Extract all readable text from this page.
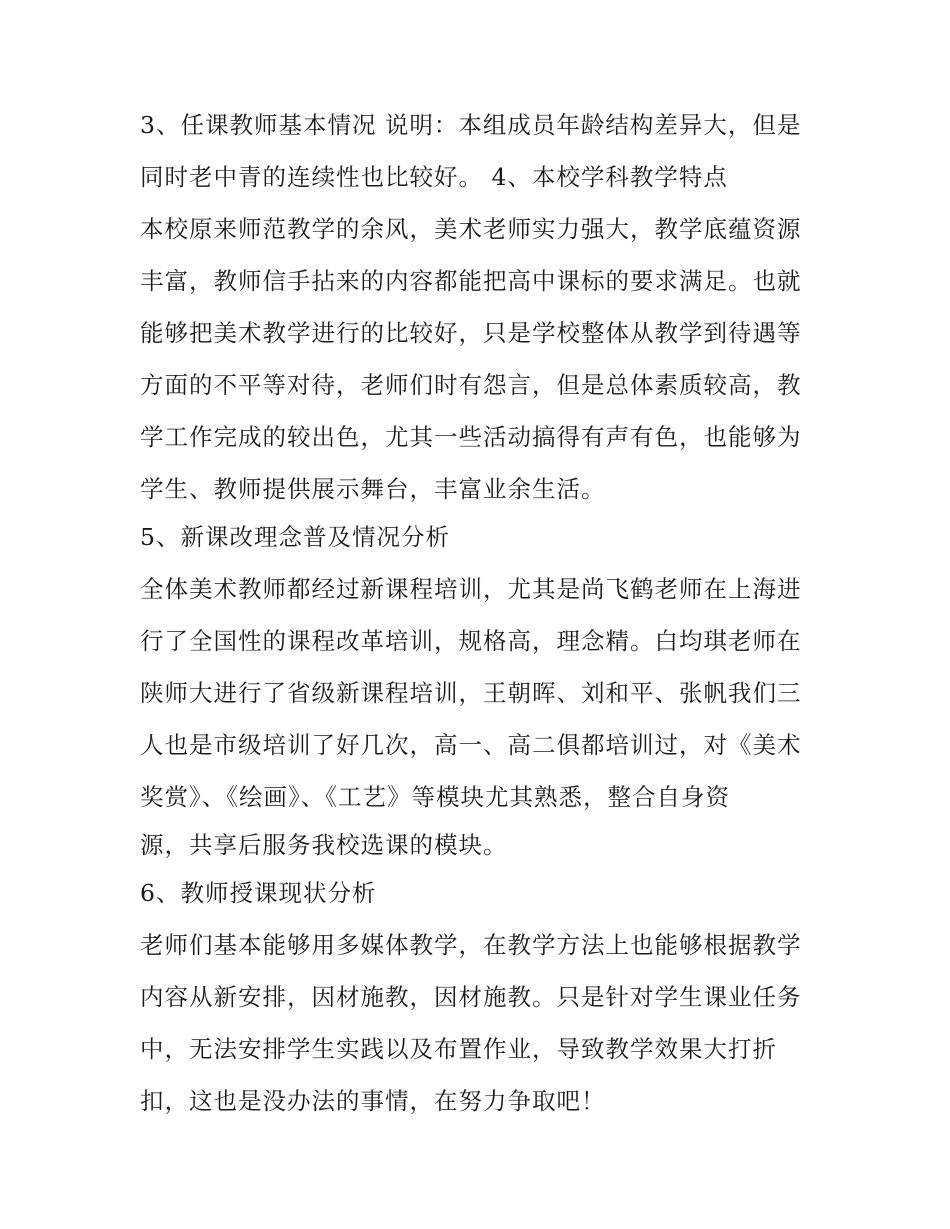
3、任课教师基本情况 说明：本组成员年龄结构差异大，但是
同时老中青的连续性也比较好。 4、本校学科教学特点
本校原来师范教学的余风，美术老师实力强大，教学底蕴资源
丰富，教师信手拈来的内容都能把高中课标的要求满足。也就
能够把美术教学进行的比较好，只是学校整体从教学到待遇等
方面的不平等对待，老师们时有怨言，但是总体素质较高，教
学工作完成的较出色，尤其一些活动搞得有声有色，也能够为
学生、教师提供展示舞台，丰富业余生活。
5、新课改理念普及情况分析
全体美术教师都经过新课程培训，尤其是尚飞鹤老师在上海进
行了全国性的课程改革培训，规格高，理念精。白均琪老师在
陕师大进行了省级新课程培训，王朝晖、刘和平、张帆我们三
人也是市级培训了好几次，高一、高二俱都培训过，对《美术
奖赏》、《绘画》、《工艺》等模块尤其熟悉，整合自身资
源，共享后服务我校选课的模块。
6、教师授课现状分析
老师们基本能够用多媒体教学，在教学方法上也能够根据教学
内容从新安排，因材施教，因材施教。只是针对学生课业任务
中，无法安排学生实践以及布置作业，导致教学效果大打折
扣，这也是没办法的事情，在努力争取吧！
